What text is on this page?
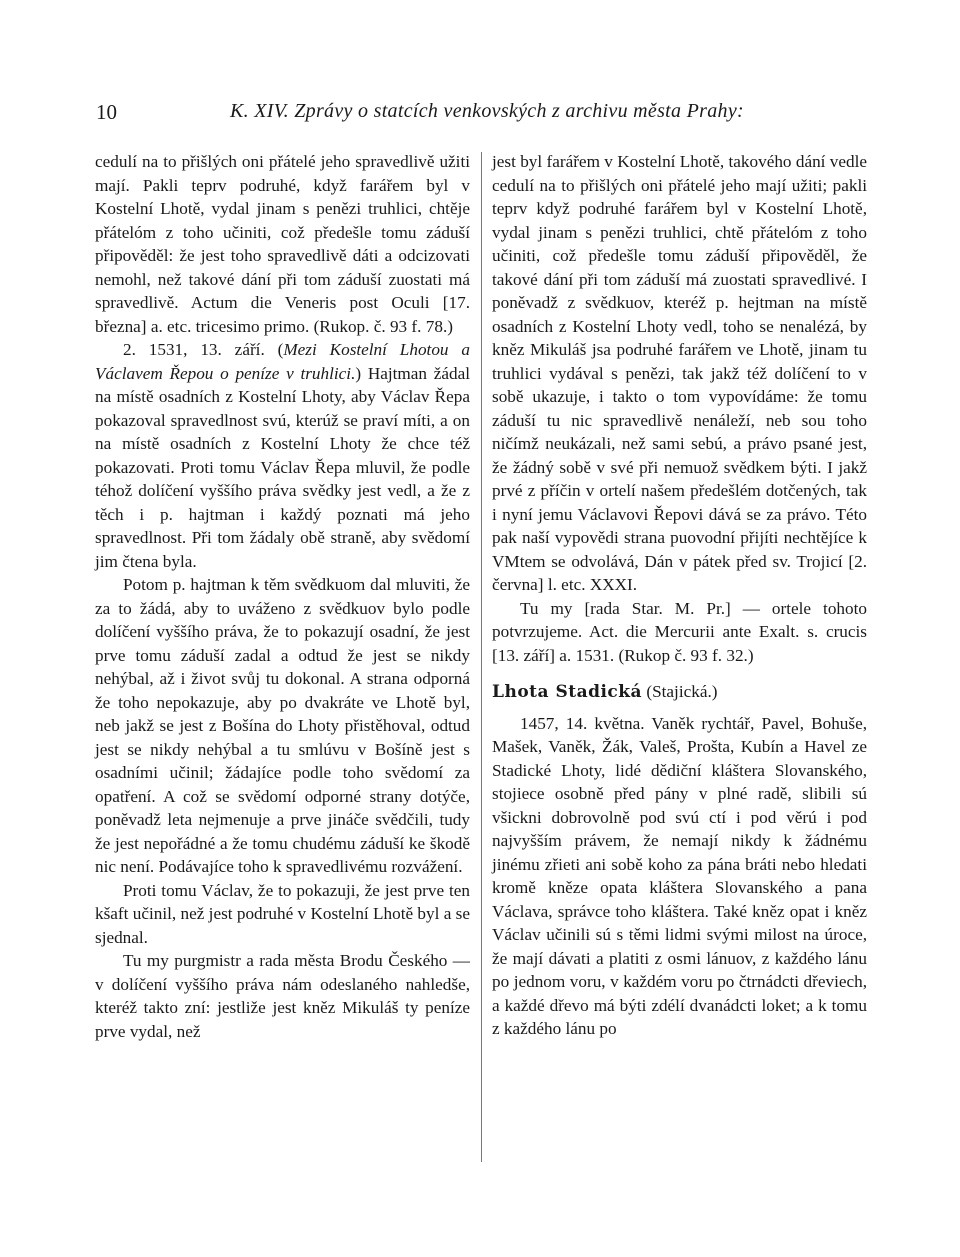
10	K. XIV. Zprávy o statcích venkovských z archivu města Prahy:

cedulí na to přišlých oni přátelé jeho spravedlivě užiti mají. Pakli teprv podruhé, když farářem byl v Kostelní Lhotě, vydal jinam s penězi truhlici, chtěje přátelóm z toho učiniti, což předešle tomu záduší připověděl: že jest toho spravedlivě dáti a odcizovati nemohl, než takové dání při tom záduší zuostati má spravedlivě. Actum die Veneris post Oculi [17. března] a. etc. tricesimo primo. (Rukop. č. 93 f. 78.)

2. 1531, 13. září. (Mezi Kostelní Lhotou a Václavem Řepou o peníze v truhlici.) Hajtman žádal na místě osadních z Kostelní Lhoty, aby Václav Řepa pokazoval spravedlnost svú, kterúž se praví míti, a on na místě osadních z Kostelní Lhoty že chce též pokazovati. Proti tomu Václav Řepa mluvil, že podle téhož dolíčení vyššího práva svědky jest vedl, a že z těch i p. hajtman i každý poznati má jeho spravedlnost. Při tom žádaly obě straně, aby svědomí jim čtena byla.

Potom p. hajtman k těm svědkuom dal mluviti, že za to žádá, aby to uváženo z svědkuov bylo podle dolíčení vyššího práva, že to pokazují osadní, že jest prve tomu záduší zadal a odtud že jest se nikdy nehýbal, až i život svůj tu dokonal. A strana odporná že toho nepokazuje, aby po dvakráte ve Lhotě byl, neb jakž se jest z Bošína do Lhoty přistěhoval, odtud jest se nikdy nehýbal a tu smlúvu v Bošíně jest s osadními učinil; žádajíce podle toho svědomí za opatření. A což se svědomí odporné strany dotýče, poněvadž leta nejmenuje a prve jináče svědčili, tudy že jest nepořádné a že tomu chudému záduší ke škodě nic není. Podávajíce toho k spravedlivému rozvážení.

Proti tomu Václav, že to pokazuji, že jest prve ten kšaft učinil, než jest podruhé v Kostelní Lhotě byl a se sjednal.

Tu my purgmistr a rada města Brodu Českého — v dolíčení vyššího práva nám odeslaného nahledše, kteréž takto zní: jestliže jest kněz Mikuláš ty peníze prve vydal, než

jest byl farářem v Kostelní Lhotě, takového dání vedle cedulí na to přišlých oni přátelé jeho mají užiti; pakli teprv když podruhé farářem byl v Kostelní Lhotě, vydal jinam s penězi truhlici, chtě přátelóm z toho učiniti, což předešle tomu záduší připověděl, že takové dání při tom záduší má zuostati spravedlivé. I poněvadž z svědkuov, kteréž p. hejtman na místě osadních z Kostelní Lhoty vedl, toho se nenalézá, by kněz Mikuláš jsa podruhé farářem ve Lhotě, jinam tu truhlici vydával s penězi, tak jakž též dolíčení to v sobě ukazuje, i takto o tom vypovídáme: že tomu záduší tu nic spravedlivě nenáleží, neb sou toho ničímž neukázali, než sami sebú, a právo psané jest, že žádný sobě v své při nemuož svědkem býti. I jakž prvé z příčin v ortelí našem předešlém dotčených, tak i nyní jemu Václavovi Řepovi dává se za právo. Této pak naší vypovědi strana puovodní přijíti nechtějíce k VMtem se odvolává, Dán v pátek před sv. Trojicí [2. června] l. etc. XXXI.

Tu my [rada Star. M. Pr.] — ortele tohoto potvrzujeme. Act. die Mercurii ante Exalt. s. crucis [13. září] a. 1531. (Rukop č. 93 f. 32.)

Lhota Stadická (Stajická.)

1457, 14. května. Vaněk rychtář, Pavel, Bohuše, Mašek, Vaněk, Žák, Valeš, Prošta, Kubín a Havel ze Stadické Lhoty, lidé dědiční kláštera Slovanského, stojiece osobně před pány v plné radě, slibili sú všickni dobrovolně pod svú ctí i pod věrú i pod najvyšším právem, že nemají nikdy k žádnému jinému zřieti ani sobě koho za pána bráti nebo hledati kromě kněze opata kláštera Slovanského a pana Václava, správce toho kláštera. Také kněz opat i kněz Václav učinili sú s těmi lidmi svými milost na úroce, že mají dávati a platiti z osmi lánuov, z každého lánu po jednom voru, v každém voru po čtrnádcti dřeviech, a každé dřevo má býti zdélí dvanádcti loket; a k tomu z každého lánu po
